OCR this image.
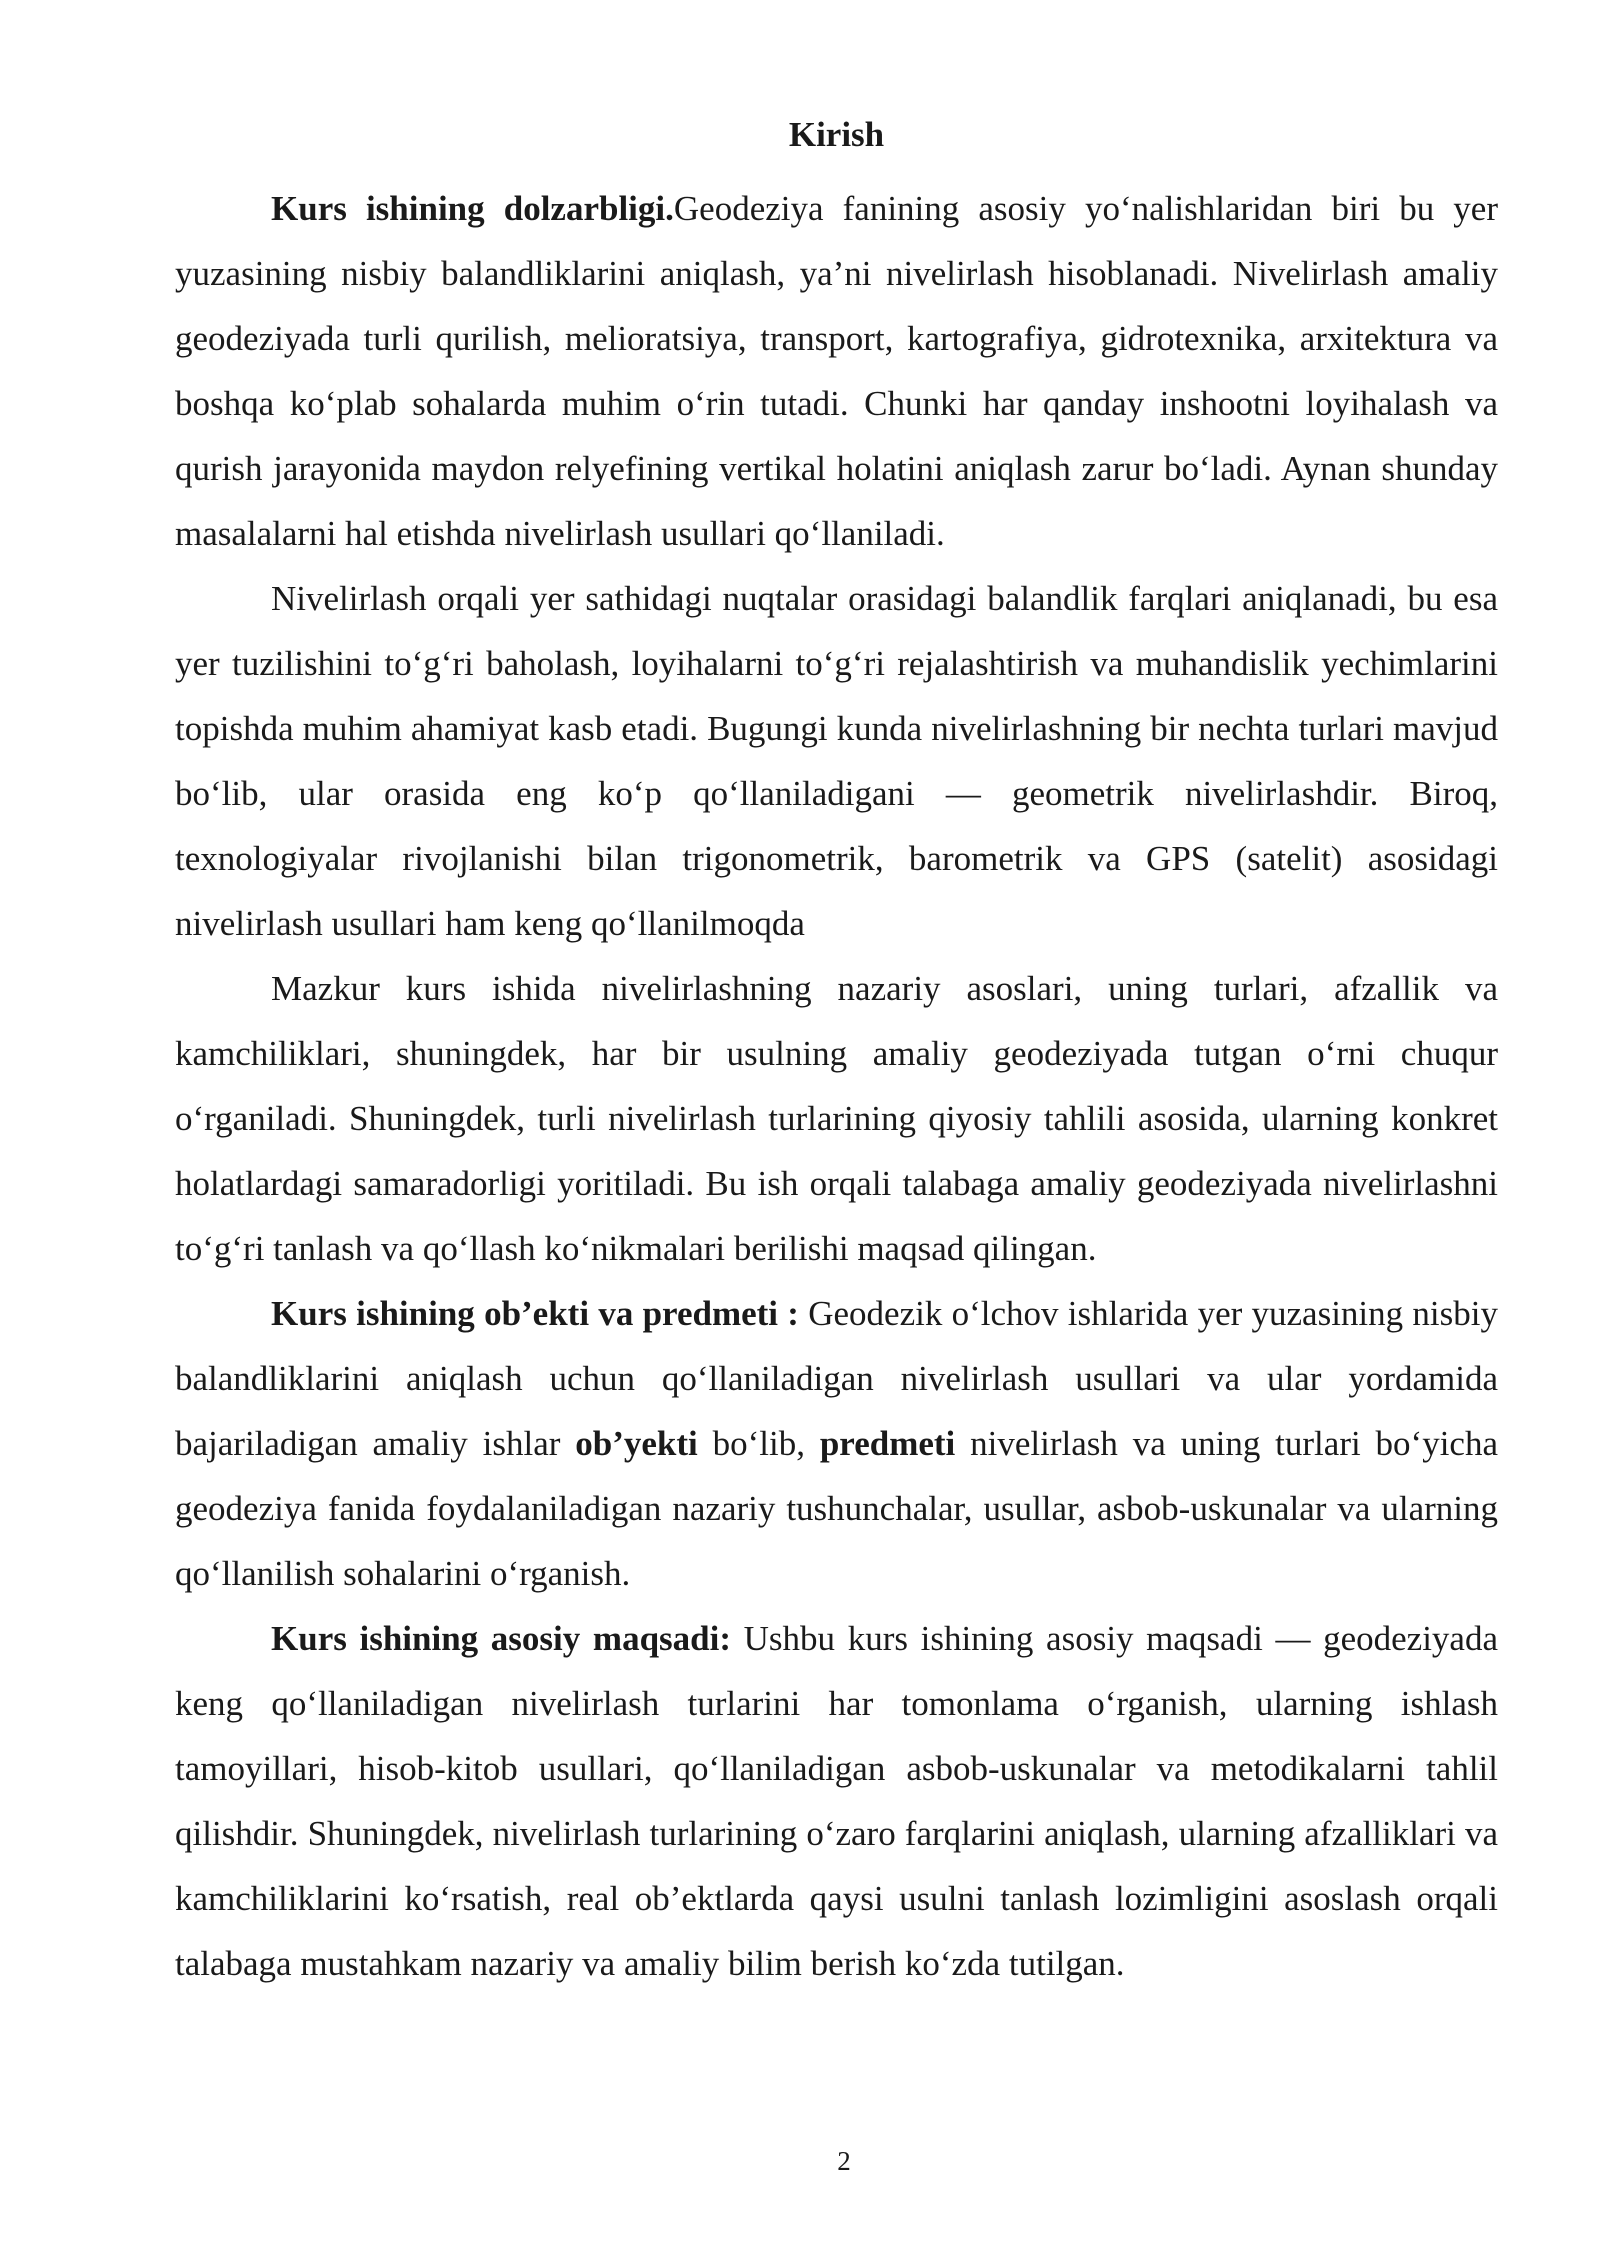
Kirish

Kurs ishining dolzarbligi.Geodeziya fanining asosiy yo‘nalishlaridan biri bu yer yuzasining nisbiy balandliklarini aniqlash, ya’ni nivelirlash hisoblanadi. Nivelirlash amaliy geodeziyada turli qurilish, melioratsiya, transport, kartografiya, gidrotexnika, arxitektura va boshqa ko‘plab sohalarda muhim o‘rin tutadi. Chunki har qanday inshootni loyihalash va qurish jarayonida maydon relyefining vertikal holatini aniqlash zarur bo‘ladi. Aynan shunday masalalarni hal etishda nivelirlash usullari qo‘llaniladi.

Nivelirlash orqali yer sathidagi nuqtalar orasidagi balandlik farqlari aniqlanadi, bu esa yer tuzilishini to‘g‘ri baholash, loyihalarni to‘g‘ri rejalashtirish va muhandislik yechimlarini topishda muhim ahamiyat kasb etadi. Bugungi kunda nivelirlashning bir nechta turlari mavjud bo‘lib, ular orasida eng ko‘p qo‘llaniladigani — geometrik nivelirlashdir. Biroq, texnologiyalar rivojlanishi bilan trigonometrik, barometrik va GPS (satelit) asosidagi nivelirlash usullari ham keng qo‘llanilmoqda

Mazkur kurs ishida nivelirlashning nazariy asoslari, uning turlari, afzallik va kamchiliklari, shuningdek, har bir usulning amaliy geodeziyada tutgan o‘rni chuqur o‘rganiladi. Shuningdek, turli nivelirlash turlarining qiyosiy tahlili asosida, ularning konkret holatlardagi samaradorligi yoritiladi. Bu ish orqali talabaga amaliy geodeziyada nivelirlashni to‘g‘ri tanlash va qo‘llash ko‘nikmalari berilishi maqsad qilingan.

Kurs ishining ob’ekti va predmeti : Geodezik o‘lchov ishlarida yer yuzasining nisbiy balandliklarini aniqlash uchun qo‘llaniladigan nivelirlash usullari va ular yordamida bajariladigan amaliy ishlar ob’yekti bo‘lib, predmeti nivelirlash va uning turlari bo‘yicha geodeziya fanida foydalaniladigan nazariy tushunchalar, usullar, asbob-uskunalar va ularning qo‘llanilish sohalarini o‘rganish.

Kurs ishining asosiy maqsadi: Ushbu kurs ishining asosiy maqsadi — geodeziyada keng qo‘llaniladigan nivelirlash turlarini har tomonlama o‘rganish, ularning ishlash tamoyillari, hisob-kitob usullari, qo‘llaniladigan asbob-uskunalar va metodikalarni tahlil qilishdir. Shuningdek, nivelirlash turlarining o‘zaro farqlarini aniqlash, ularning afzalliklari va kamchiliklarini ko‘rsatish, real ob’ektlarda qaysi usulni tanlash lozimligini asoslash orqali talabaga mustahkam nazariy va amaliy bilim berish ko‘zda tutilgan.

2
